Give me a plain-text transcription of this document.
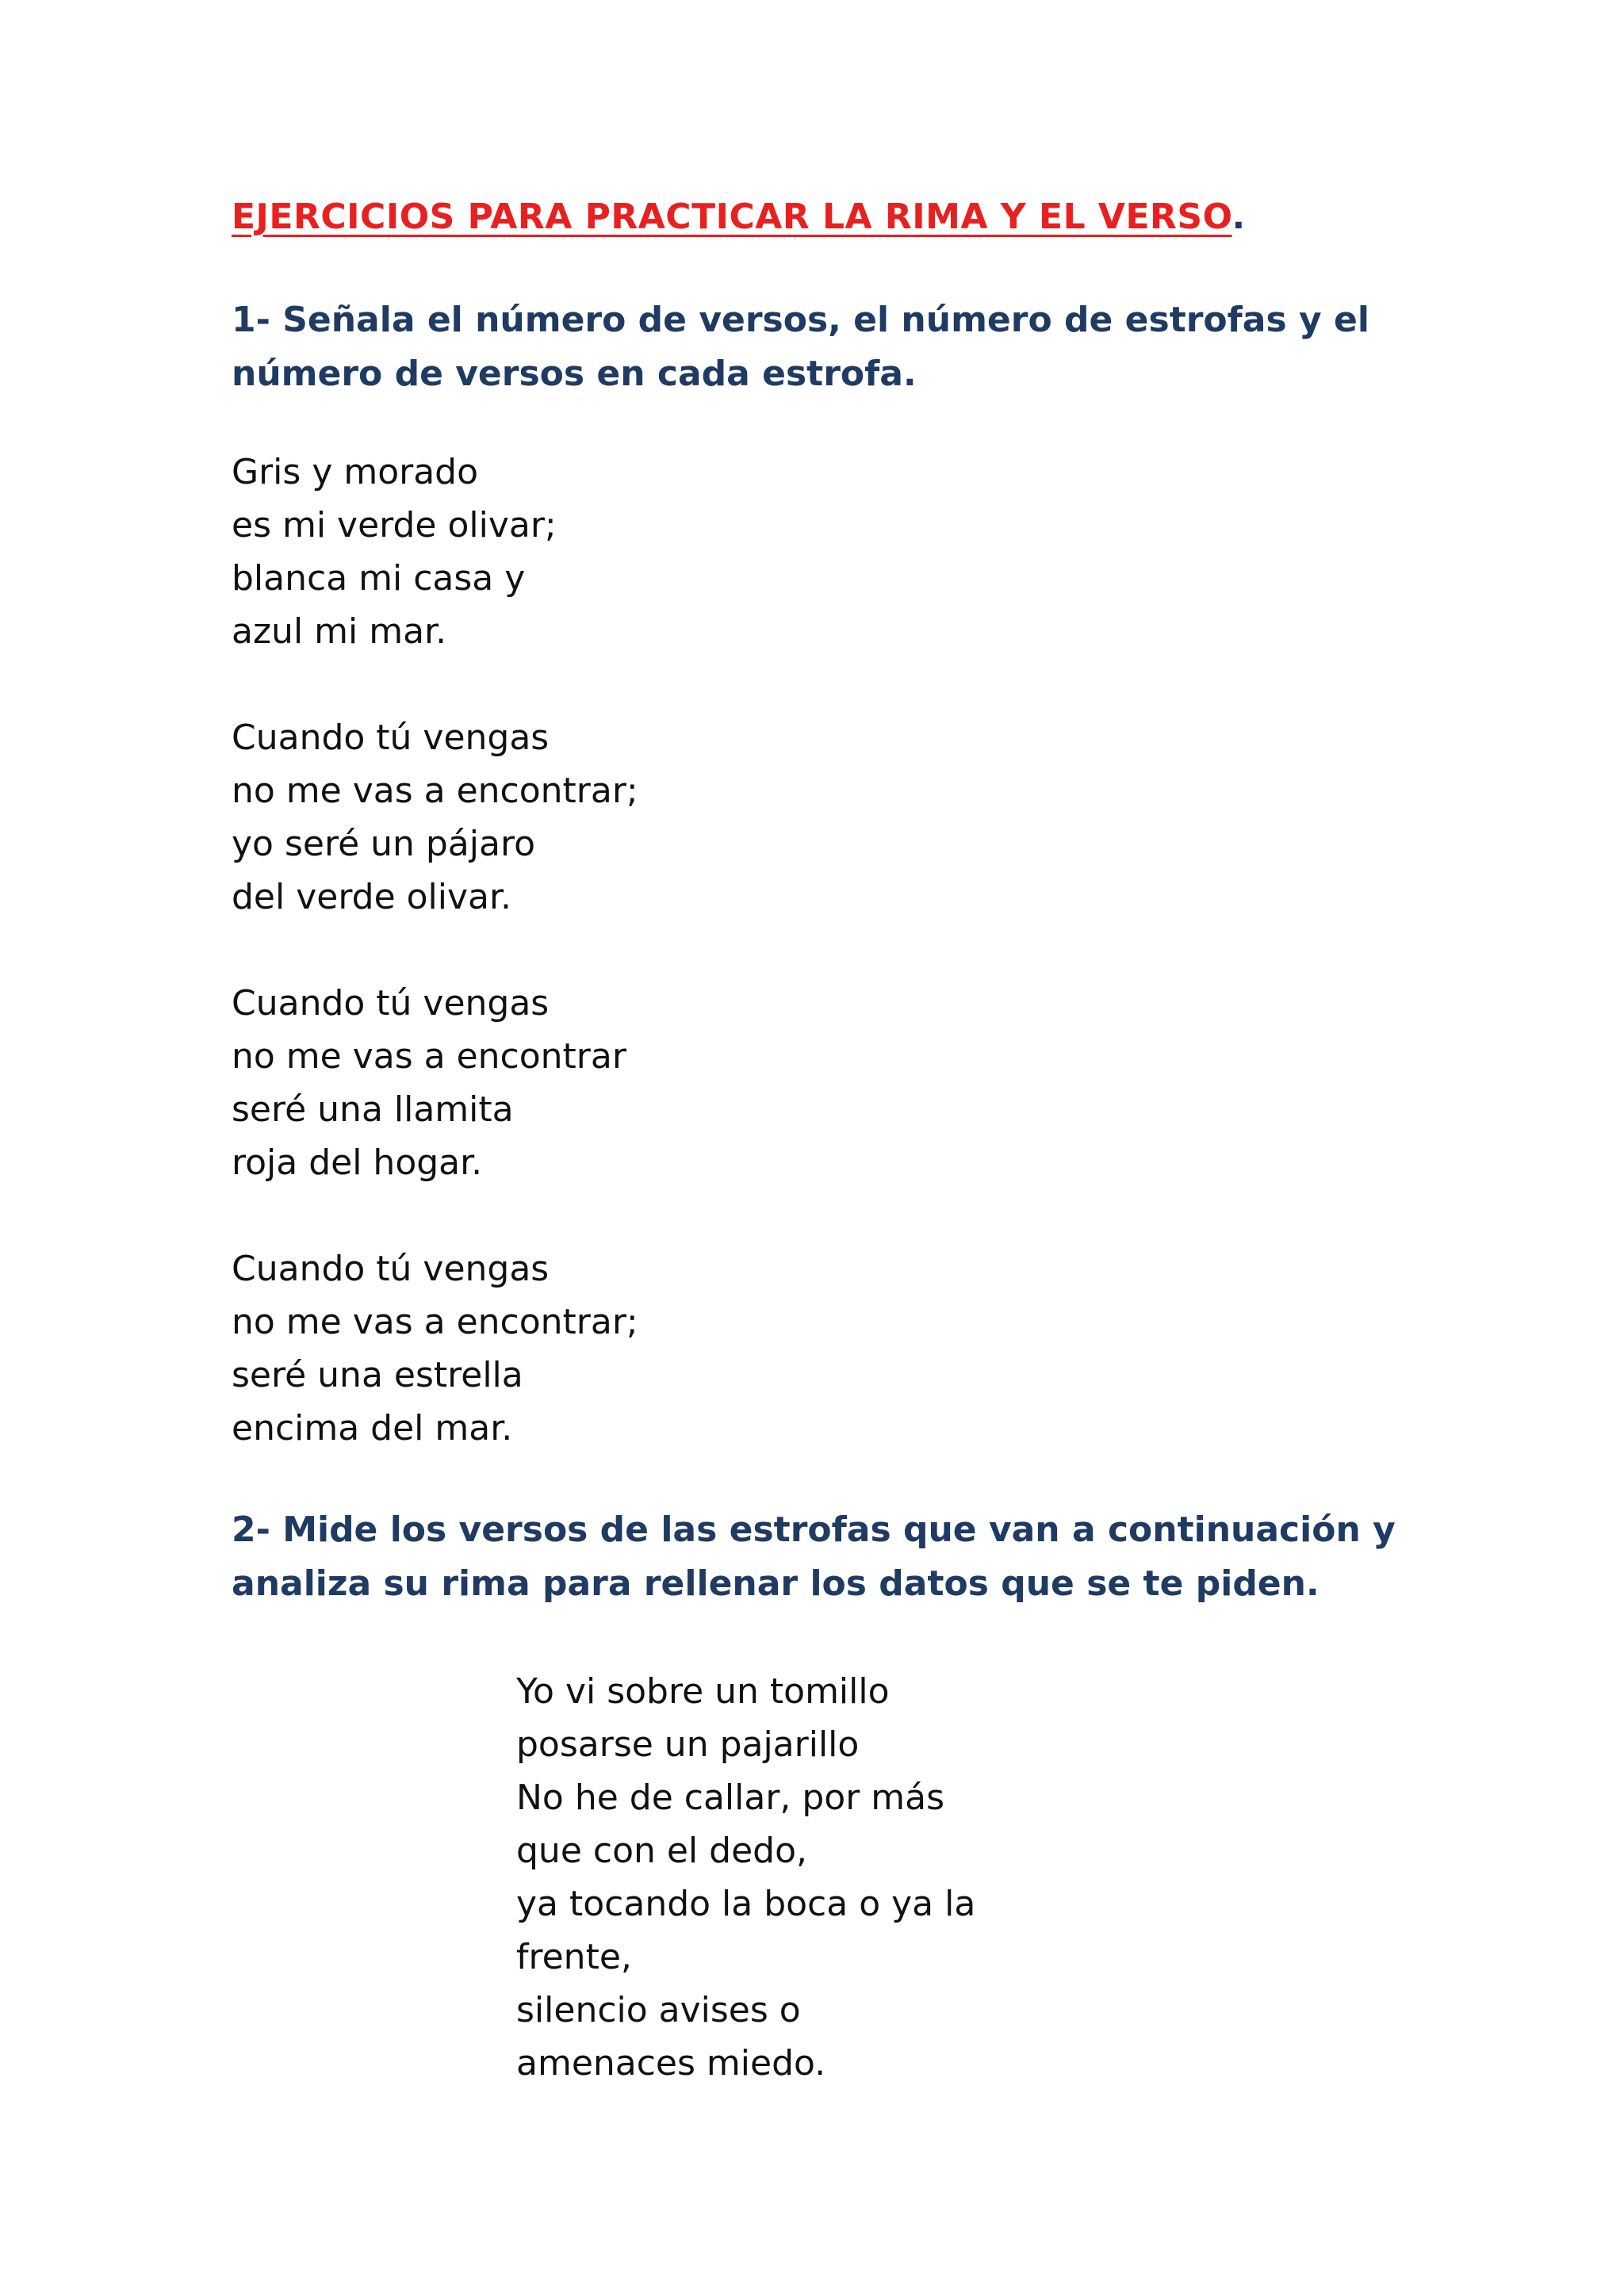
EJERCICIOS PARA PRACTICAR LA RIMA Y EL VERSO.
1- Señala el número de versos, el número de estrofas y el
número de versos en cada estrofa.
Gris y morado
es mi verde olivar;
blanca mi casa y
azul mi mar.
Cuando tú vengas
no me vas a encontrar;
yo seré un pájaro
del verde olivar.
Cuando tú vengas
no me vas a encontrar
seré una llamita
roja del hogar.
Cuando tú vengas
no me vas a encontrar;
seré una estrella
encima del mar.
2- Mide los versos de las estrofas que van a continuación y
analiza su rima para rellenar los datos que se te piden.
Yo vi sobre un tomillo
posarse un pajarillo
No he de callar, por más
que con el dedo,
ya tocando la boca o ya la
frente,
silencio avises o
amenaces miedo.
